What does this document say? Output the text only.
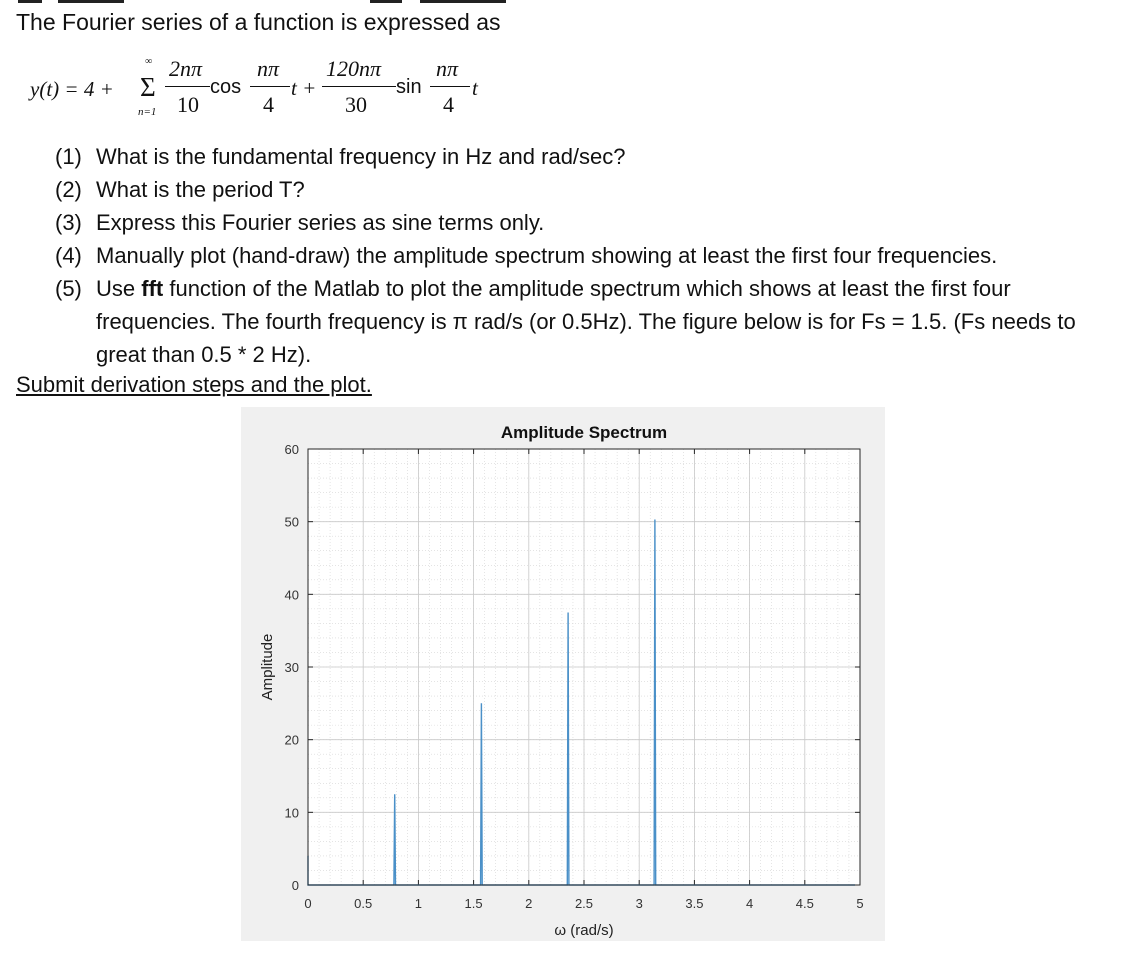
The Fourier series of a function is expressed as
y(t) = 4 +
∞
Σ
n=1
2nπ
10
cos
nπ
4
t +
120nπ
30
sin
nπ
4
t
(1) What is the fundamental frequency in Hz and rad/sec?
(2) What is the period T?
(3) Express this Fourier series as sine terms only.
(4) Manually plot (hand-draw) the amplitude spectrum showing at least the first four frequencies.
(5) Use fft function of the Matlab to plot the amplitude spectrum which shows at least the first four frequencies. The fourth frequency is π rad/s (or 0.5Hz). The figure below is for Fs = 1.5. (Fs needs to great than 0.5 * 2 Hz).
Submit derivation steps and the plot.
0	0.5	1	1.5	2	2.5	3	3.5	4	4.5	5
0
10
20
30
40
50
60
Amplitude Spectrum
ω (rad/s)
Amplitude
